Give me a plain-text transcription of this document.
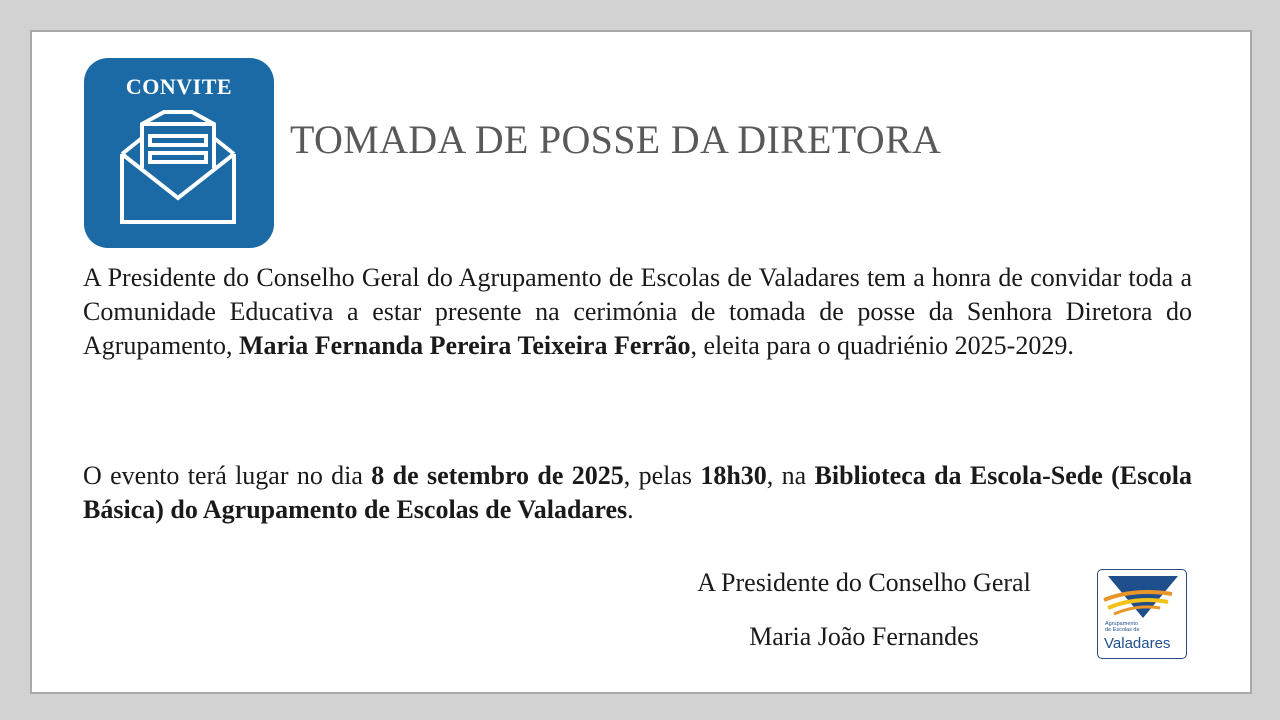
CONVITE
TOMADA DE POSSE DA DIRETORA

A Presidente do Conselho Geral do Agrupamento de Escolas de Valadares tem a honra de convidar toda a Comunidade Educativa a estar presente na cerimónia de tomada de posse da Senhora Diretora do Agrupamento, Maria Fernanda Pereira Teixeira Ferrão, eleita para o quadriénio 2025-2029.

O evento terá lugar no dia 8 de setembro de 2025, pelas 18h30, na Biblioteca da Escola-Sede (Escola Básica) do Agrupamento de Escolas de Valadares.

A Presidente do Conselho Geral
Maria João Fernandes	Agrupamento
de Escolas de
Valadares
